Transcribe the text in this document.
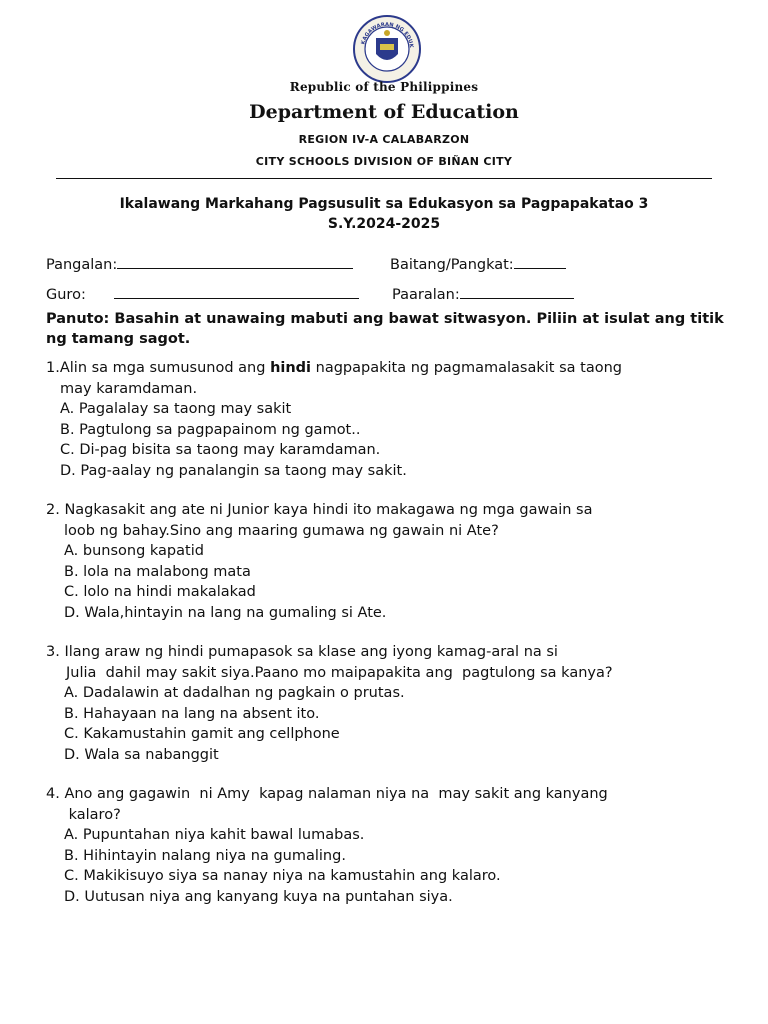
KAGAWARAN NG EDUK
Republic of the Philippines
Department of Education
REGION IV-A CALABARZON
CITY SCHOOLS DIVISION OF BIÑAN CITY
Ikalawang Markahang Pagsusulit sa Edukasyon sa Pagpapakatao 3
S.Y.2024-2025
Pangalan:	Baitang/Pangkat:
Guro:	Paaralan:
Panuto: Basahin at unawaing mabuti ang bawat sitwasyon. Piliin at isulat ang titik ng tamang sagot.
1.Alin sa mga sumusunod ang hindi nagpapakita ng pagmamalasakit sa taong
may karamdaman.
A. Pagalalay sa taong may sakit
B. Pagtulong sa pagpapainom ng gamot..
C. Di-pag bisita sa taong may karamdaman.
D. Pag-aalay ng panalangin sa taong may sakit.
2. Nagkasakit ang ate ni Junior kaya hindi ito makagawa ng mga gawain sa
loob ng bahay.Sino ang maaring gumawa ng gawain ni Ate?
A. bunsong kapatid
B. lola na malabong mata
C. lolo na hindi makalakad
D. Wala,hintayin na lang na gumaling si Ate.
3. Ilang araw ng hindi pumapasok sa klase ang iyong kamag-aral na si
Julia  dahil may sakit siya.Paano mo maipapakita ang  pagtulong sa kanya?
A. Dadalawin at dadalhan ng pagkain o prutas.
B. Hahayaan na lang na absent ito.
C. Kakamustahin gamit ang cellphone
D. Wala sa nabanggit
4. Ano ang gagawin  ni Amy  kapag nalaman niya na  may sakit ang kanyang
kalaro?
A. Pupuntahan niya kahit bawal lumabas.
B. Hihintayin nalang niya na gumaling.
C. Makikisuyo siya sa nanay niya na kamustahin ang kalaro.
D. Uutusan niya ang kanyang kuya na puntahan siya.
